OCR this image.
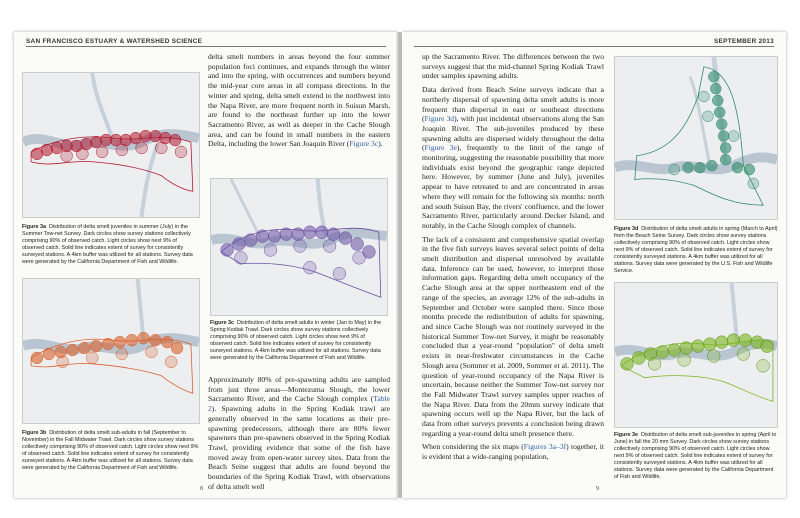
SAN FRANCISCO ESTUARY & WATERSHED SCIENCE
Figure 3a Distribution of delta smelt juveniles in summer (July) in the Summer Tow-net Survey. Dark circles show survey stations collectively comprising 90% of observed catch. Light circles show next 9% of observed catch. Solid line indicates extent of survey for consistently surveyed stations. A 4km buffer was utilized for all stations. Survey data were generated by the California Department of Fish and Wildlife.
Figure 3b Distribution of delta smelt sub-adults in fall (September to November) in the Fall Midwater Trawl. Dark circles show survey stations collectively comprising 90% of observed catch. Light circles show next 9% of observed catch. Solid line indicates extent of survey for consistently surveyed stations. A 4km buffer was utilized for all stations. Survey data were generated by the California Department of Fish and Wildlife.

delta smelt numbers in areas beyond the four summer population foci continues, and expands through the winter and into the spring, with occurrences and numbers beyond the mid-year core areas in all compass directions. In the winter and spring, delta smelt extend to the northwest into the Napa River, are more frequent north in Suisun Marsh, are found to the northeast further up into the lower Sacramento River, as well as deeper in the Cache Slough area, and can be found in small numbers in the eastern Delta, including the lower San Joaquin River (Figure 3c).

Figure 3c Distribution of delta smelt adults in winter (Jan to May) in the Spring Kodiak Trawl. Dark circles show survey stations collectively comprising 90% of observed catch. Light circles show next 9% of observed catch. Solid line indicates extent of survey for consistently surveyed stations. A 4km buffer was utilized for all stations. Survey data were generated by the California Department of Fish and Wildlife.

Approximately 80% of pre-spawning adults are sampled from just three areas—Montezuma Slough, the lower Sacramento River, and the Cache Slough complex (Table 2). Spawning adults in the Spring Kodiak trawl are generally observed in the same locations as their pre-spawning predecessors, although there are 80% fewer spawners than pre-spawners observed in the Spring Kodiak Trawl, providing evidence that some of the fish have moved away from open-water survey sites. Data from the Beach Seine suggest that adults are found beyond the boundaries of the Spring Kodiak Trawl, with observations of delta smelt well

8
SEPTEMBER 2013

up the Sacramento River. The differences between the two surveys suggest that the mid-channel Spring Kodiak Trawl under samples spawning adults.

Data derived from Beach Seine surveys indicate that a northerly dispersal of spawning delta smelt adults is more frequent than dispersal in east or southeast directions (Figure 3d), with just incidental observations along the San Joaquin River. The sub-juveniles produced by these spawning adults are dispersed widely throughout the delta (Figure 3e), frequently to the limit of the range of monitoring, suggesting the reasonable possibility that more individuals exist beyond the geographic range depicted here. However, by summer (June and July), juveniles appear to have retreated to and are concentrated in areas where they will remain for the following six months: north and south Suisun Bay, the rivers' confluence, and the lower Sacramento River, particularly around Decker Island, and notably, in the Cache Slough complex of channels.

The lack of a consistent and comprehensive spatial overlap in the five fish surveys leaves several select points of delta smelt distribution and dispersal unresolved by available data. Inference can be used, however, to interpret those information gaps. Regarding delta smelt occupancy of the Cache Slough area at the upper northeastern end of the range of the species, an average 12% of the sub-adults in September and October were sampled there. Since those months precede the redistribution of adults for spawning, and since Cache Slough was not routinely surveyed in the historical Summer Tow-net Survey, it might be reasonably concluded that a year-round "population" of delta smelt exists in near-freshwater circumstances in the Cache Slough area (Sommer et al. 2009, Sommer et al. 2011). The question of year-round occupancy of the Napa River is uncertain, because neither the Summer Tow-net survey nor the Fall Midwater Trawl survey samples upper reaches of the Napa River. Data from the 20mm survey indicate that spawning occurs well up the Napa River, but the lack of data from other surveys prevents a conclusion being drawn regarding a year-round delta smelt presence there.

When considering the six maps (Figures 3a–3f) together, it is evident that a wide-ranging population,

Figure 3d Distribution of delta smelt adults in spring (March to April) from the Beach Seine Survey. Dark circles show survey stations collectively comprising 90% of observed catch. Light circles show next 9% of observed catch. Solid line indicates extent of survey for consistently surveyed stations. A 4km buffer was utilized for all stations. Survey data were generated by the U.S. Fish and Wildlife Service.
Figure 3e Distribution of delta smelt sub-juveniles in spring (April to June) in fall the 20 mm Survey. Dark circles show survey stations collectively comprising 90% of observed catch. Light circles show next 9% of observed catch. Solid line indicates extent of survey for consistently surveyed stations. A 4km buffer was utilized for all stations. Survey data were generated by the California Department of Fish and Wildlife.
9
